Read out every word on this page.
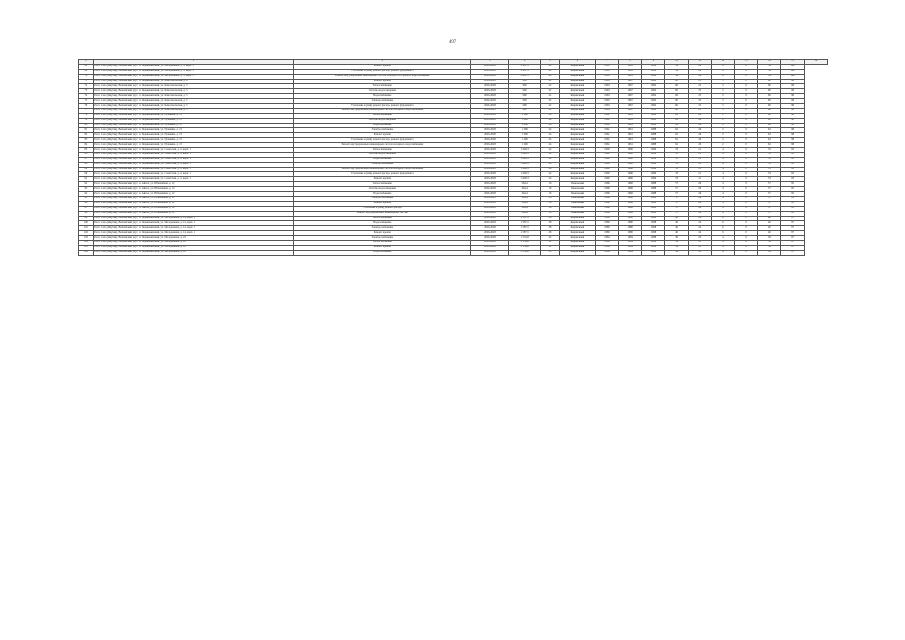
497
#	1	2	3	4	5	6	7	8	9	10	11	12	13	14	15	16
68	Респ. Саха (Якутия), Вилюйский улус, п. Чернышевский, ул. Молодежная, д. 3, корп. 1	Ремонт кровли	2026-2028	2 967,1	69	Кирпичный	1983	1983	1998	54	24	6	0	54	100	
69	Респ. Саха (Якутия), Вилюйский улус, п. Чернышевский, ул. Молодежная, д. 3, корп. 1	Утепление и (или) ремонт фасада, ремонт фундамента	2026-2028	2 967,1	69	Кирпичный	1983	1983	1998	54	24	6	0	54	100	
70	Респ. Саха (Якутия), Вилюйский улус, п. Чернышевский, ул. Молодежная, д. 3, корп. 1	Ремонт внутридомовых инженерных систем холодного и горячего водоснабжения	2026-2028	2 967,1	69	Кирпичный	1983	1983	1998	54	24	6	0	54	100	
71	Респ. Саха (Якутия), Вилюйский улус, п. Чернышевский, ул. Комсомольская, д. 4	Ремонт кровли	2026-2028	900	22	Кирпичный	1963	1967	1992	60	25	5	0	60	98	
72	Респ. Саха (Якутия), Вилюйский улус, п. Чернышевский, ул. Комсомольская, д. 5	Теплоснабжение	2026-2028	900	22	Кирпичный	1963	1967	1992	60	25	5	0	60	98	
73	Респ. Саха (Якутия), Вилюйский улус, п. Чернышевский, ул. Комсомольская, д. 5	Система водоотведения	2026-2028	900	22	Кирпичный	1963	1967	1992	60	25	5	0	60	98	
74	Респ. Саха (Якутия), Вилюйский улус, п. Чернышевский, ул. Комсомольская, д. 5	Водоснабжение	2026-2028	900	22	Кирпичный	1963	1967	1992	60	25	5	0	60	98	
75	Респ. Саха (Якутия), Вилюйский улус, п. Чернышевский, ул. Комсомольская, д. 5	Электроснабжение	2026-2028	900	22	Кирпичный	1963	1967	1992	60	25	5	0	60	98	
76	Респ. Саха (Якутия), Вилюйский улус, п. Чернышевский, ул. Комсомольская, д. 5	Утепление и (или) ремонт фасада, ремонт фундамента	2026-2028	900	22	Кирпичный	1963	1967	1992	60	25	5	0	60	98	
77	Респ. Саха (Якутия), Вилюйский улус, п. Чернышевский, ул. Комсомольская, д. 5	Ремонт внутридомовых инженерных систем холодного водоснабжения	2026-2028	900	22	Кирпичный	1963	1967	1992	60	25	5	0	60	98	
78	Респ. Саха (Якутия), Вилюйский улус, п. Чернышевский, ул. Пушкина, д. 15	Теплоснабжение	2026-2028	1 296	24	Кирпичный	1961	1961	1988	62	26	2	0	62	98	
79	Респ. Саха (Якутия), Вилюйский улус, п. Чернышевский, ул. Пушкина, д. 15	Система водоотведения	2026-2028	1 296	24	Кирпичный	1961	1961	1988	62	26	2	0	62	98	
80	Респ. Саха (Якутия), Вилюйский улус, п. Чернышевский, ул. Пушкина, д. 15	Водоснабжение	2026-2028	1 296	24	Кирпичный	1961	1961	1988	62	26	2	0	62	98	
81	Респ. Саха (Якутия), Вилюйский улус, п. Чернышевский, ул. Пушкина, д. 15	Электроснабжение	2026-2028	1 296	24	Кирпичный	1961	1961	1988	62	26	2	0	62	98	
82	Респ. Саха (Якутия), Вилюйский улус, п. Чернышевский, ул. Пушкина, д. 15	Ремонт кровли	2026-2028	1 296	24	Кирпичный	1961	1961	1988	62	26	2	0	62	98	
83	Респ. Саха (Якутия), Вилюйский улус, п. Чернышевский, ул. Пушкина, д. 15	Утепление и (или) ремонт фасада, ремонт фундамента	2026-2028	1 296	24	Кирпичный	1961	1961	1988	62	26	2	0	62	98	
84	Респ. Саха (Якутия), Вилюйский улус, п. Чернышевский, ул. Пушкина, д. 15	Ремонт внутридомовых инженерных систем холодного водоснабжения	2026-2028	1 296	24	Кирпичный	1961	1961	1988	62	26	2	0	62	98	
85	Респ. Саха (Якутия), Вилюйский улус, п. Чернышевский, ул. Советская, д. 2, корп. 1	Теплоснабжение	2026-2028	1 648,3	24	Кирпичный	1990	1990	1999	33	21	4	0	33	93	
86	Респ. Саха (Якутия), Вилюйский улус, п. Чернышевский, ул. Советская, д. 2, корп. 1	Система водоотведения	2026-2028	1 648,3	24	Кирпичный	1990	1990	1999	33	21	4	0	33	93	
87	Респ. Саха (Якутия), Вилюйский улус, п. Чернышевский, ул. Советская, д. 2, корп. 1	Водоснабжение	2026-2028	1 648,3	24	Кирпичный	1990	1990	1999	33	21	4	0	33	93	
88	Респ. Саха (Якутия), Вилюйский улус, п. Чернышевский, ул. Советская, д. 2, корп. 1	Электроснабжение	2026-2028	1 648,3	24	Кирпичный	1990	1990	1999	33	21	4	0	33	93	
89	Респ. Саха (Якутия), Вилюйский улус, п. Чернышевский, ул. Советская, д. 2, корп. 1	Ремонт внутридомовых инженерных систем холодного водоснабжения	2026-2028	1 648,3	24	Кирпичный	1990	1990	1999	33	21	4	0	33	93	
90	Респ. Саха (Якутия), Вилюйский улус, п. Чернышевский, ул. Советская, д. 2, корп. 1	Утепление и (или) ремонт фасада, ремонт фундамента	2026-2028	1 648,3	24	Кирпичный	1990	1990	1999	33	21	4	0	33	93	
91	Респ. Саха (Якутия), Вилюйский улус, п. Чернышевский, ул. Советская, д. 2, корп. 1	Ремонт кровли	2026-2028	1 648,3	24	Кирпичный	1990	1990	1999	33	21	4	0	33	93	
92	Респ. Саха (Якутия), Вилюйский улус, п. Айхал, ул. Юбилейная, д. 12	Теплоснабжение	2026-2028	264,4	16	Панельный	1966	1966	1988	57	26	4	0	57	95	
93	Респ. Саха (Якутия), Вилюйский улус, п. Айхал, ул. Юбилейная, д. 12	Система водоотведения	2026-2028	264,4	16	Панельный	1966	1966	1988	57	26	4	0	57	95	
94	Респ. Саха (Якутия), Вилюйский улус, п. Айхал, ул. Юбилейная, д. 12	Водоснабжение	2026-2028	264,4	16	Панельный	1966	1966	1988	57	26	4	0	57	95	
95	Респ. Саха (Якутия), Вилюйский улус, п. Айхал, ул. Юбилейная, д. 12	Электроснабжение	2026-2028	264,4	16	Панельный	1966	1966	1988	57	26	4	0	57	95	
96	Респ. Саха (Якутия), Вилюйский улус, п. Айхал, ул. Юбилейная, д. 12	Ремонт кровли	2026-2028	264,4	16	Панельный	1966	1966	1988	57	26	4	0	57	95	
97	Респ. Саха (Якутия), Вилюйский улус, п. Айхал, ул. Юбилейная, д. 12	Утепление и (или) ремонт фасада	2026-2028	264,4	16	Панельный	1966	1966	1988	57	26	4	0	57	95	
98	Респ. Саха (Якутия), Вилюйский улус, п. Айхал, ул. Юбилейная, д. 12	Ремонт внутридомовых инженерных систем	2026-2028	264,4	16	Панельный	1966	1966	1988	57	26	4	0	57	95	
99	Респ. Саха (Якутия), Вилюйский улус, п. Чернышевский, ул. Молодежная, д. 14, корп. 1	Теплоснабжение	2026-2028	1 587,5	28	Кирпичный	1980	1980	1998	40	24	6	0	40	97	
100	Респ. Саха (Якутия), Вилюйский улус, п. Чернышевский, ул. Молодежная, д. 14, корп. 1	Водоснабжение	2026-2028	1 587,5	28	Кирпичный	1980	1980	1998	40	24	6	0	40	97	
101	Респ. Саха (Якутия), Вилюйский улус, п. Чернышевский, ул. Молодежная, д. 14, корп. 1	Электроснабжение	2026-2028	1 587,5	28	Кирпичный	1980	1980	1998	40	24	6	0	40	97	
102	Респ. Саха (Якутия), Вилюйский улус, п. Чернышевский, ул. Молодежная, д. 14, корп. 1	Ремонт кровли	2026-2028	1 587,5	28	Кирпичный	1980	1980	1998	40	24	6	0	40	97	
103	Респ. Саха (Якутия), Вилюйский улус, п. Чернышевский, ул. Молодежная, д. 16	Электроснабжение	2026-2028	1 534,8	32	Кирпичный	1984	1984	1998	39	23	4	0	39	97	
104	Респ. Саха (Якутия), Вилюйский улус, п. Чернышевский, ул. Молодежная, д. 16	Теплоснабжение	2026-2028	1 534,8	32	Кирпичный	1984	1984	1998	39	23	4	0	39	97	
105	Респ. Саха (Якутия), Вилюйский улус, п. Чернышевский, ул. Молодежная, д. 16	Ремонт кровли	2026-2028	1 534,8	32	Кирпичный	1984	1984	1998	39	23	4	0	39	97	
106	Респ. Саха (Якутия), Вилюйский улус, п. Чернышевский, ул. Молодежная, д. 16	Водоснабжение	2026-2028	1 534,8	32	Кирпичный	1984	1984	1998	39	23	4	0	39	97	
